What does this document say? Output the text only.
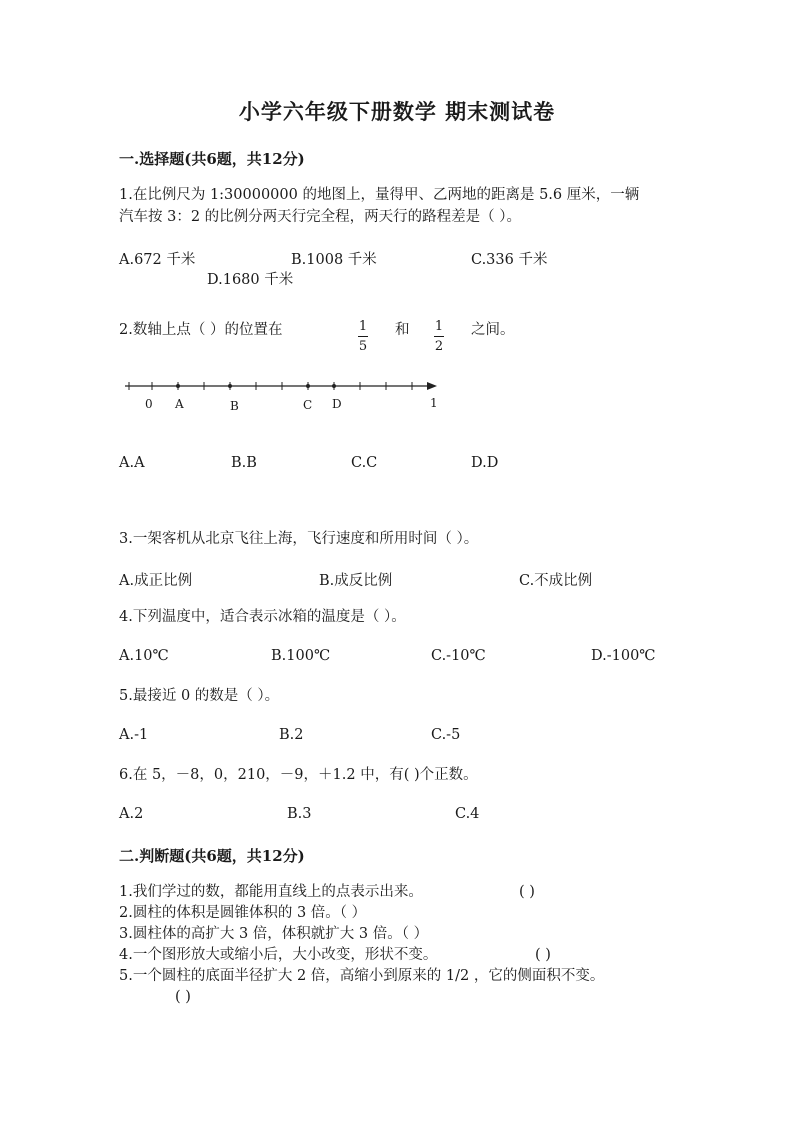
小学六年级下册数学 期末测试卷
一.选择题(共6题，共12分)
1.在比例尺为 1:30000000 的地图上，量得甲、乙两地的距离是 5.6 厘米，一辆
汽车按 3：2 的比例分两天行完全程，两天行的路程差是（ ）。
A.672 千米	B.1008 千米	C.336 千米
D.1680 千米
2.数轴上点（ ）的位置在	$\frac{1}{5}$ 和 $\frac{1}{2}$ 之间。
0 A	B	C D	1
A.A	B.B	C.C	D.D
3.一架客机从北京飞往上海，飞行速度和所用时间（ ）。
A.成正比例	B.成反比例	C.不成比例
4.下列温度中，适合表示冰箱的温度是（ ）。
A.10℃	B.100℃	C.-10℃	D.-100℃
5.最接近 0 的数是（ ）。
A.-1	B.2	C.-5
6.在 5，－8，0，210，－9，＋1.2 中，有( )个正数。
A.2	B.3	C.4
二.判断题(共6题，共12分)
1.我们学过的数，都能用直线上的点表示出来。	( )
2.圆柱的体积是圆锥体积的 3 倍。（ ）
3.圆柱体的高扩大 3 倍，体积就扩大 3 倍。（ ）
4.一个图形放大或缩小后，大小改变，形状不变。	( )
5.一个圆柱的底面半径扩大 2 倍，高缩小到原来的 1/2 ，它的侧面积不变。
( )
